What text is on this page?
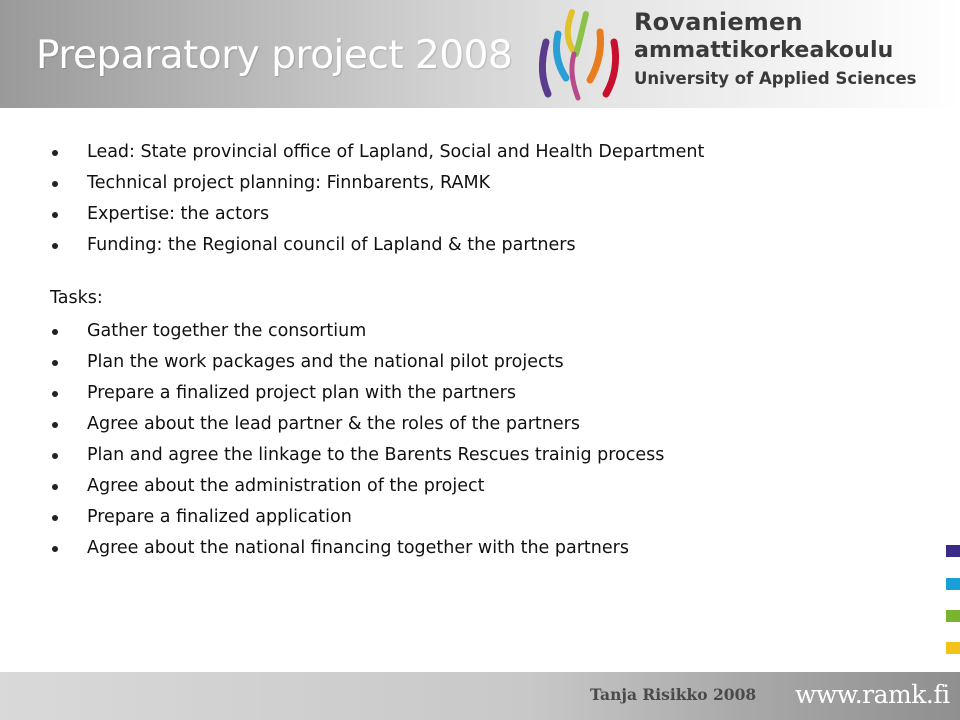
Preparatory project 2008
Rovaniemen
ammattikorkeakoulu
University of Applied Sciences
Lead: State provincial office of Lapland, Social and Health Department
Technical project planning: Finnbarents, RAMK
Expertise: the actors
Funding: the Regional council of Lapland & the partners
Tasks:
Gather together the consortium
Plan the work packages and the national pilot projects
Prepare a finalized project plan with the partners
Agree about the lead partner & the roles of the partners
Plan and agree the linkage to the Barents Rescues trainig process
Agree about the administration of the project
Prepare a finalized application
Agree about the national financing together with the partners
Tanja Risikko 2008 www.ramk.fi
